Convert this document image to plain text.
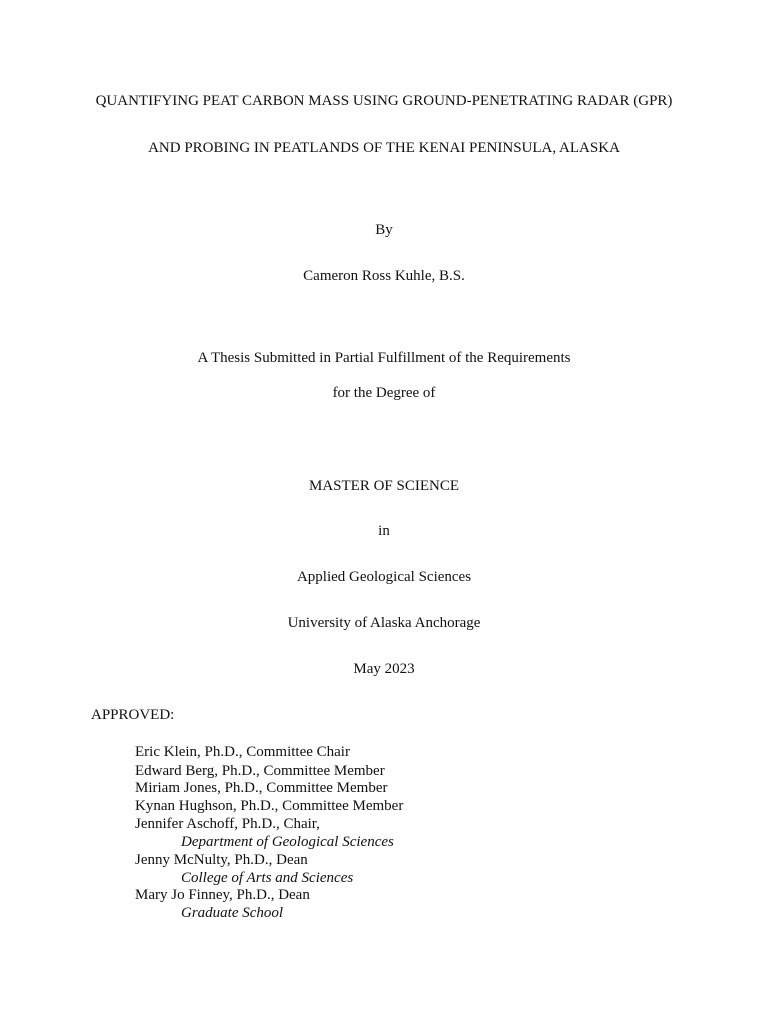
QUANTIFYING PEAT CARBON MASS USING GROUND-PENETRATING RADAR (GPR)
AND PROBING IN PEATLANDS OF THE KENAI PENINSULA, ALASKA
By
Cameron Ross Kuhle, B.S.
A Thesis Submitted in Partial Fulfillment of the Requirements
for the Degree of
MASTER OF SCIENCE
in
Applied Geological Sciences
University of Alaska Anchorage
May 2023
APPROVED:
Eric Klein, Ph.D., Committee Chair
Edward Berg, Ph.D., Committee Member
Miriam Jones, Ph.D., Committee Member
Kynan Hughson, Ph.D., Committee Member
Jennifer Aschoff, Ph.D., Chair,
Department of Geological Sciences
Jenny McNulty, Ph.D., Dean
College of Arts and Sciences
Mary Jo Finney, Ph.D., Dean
Graduate School
